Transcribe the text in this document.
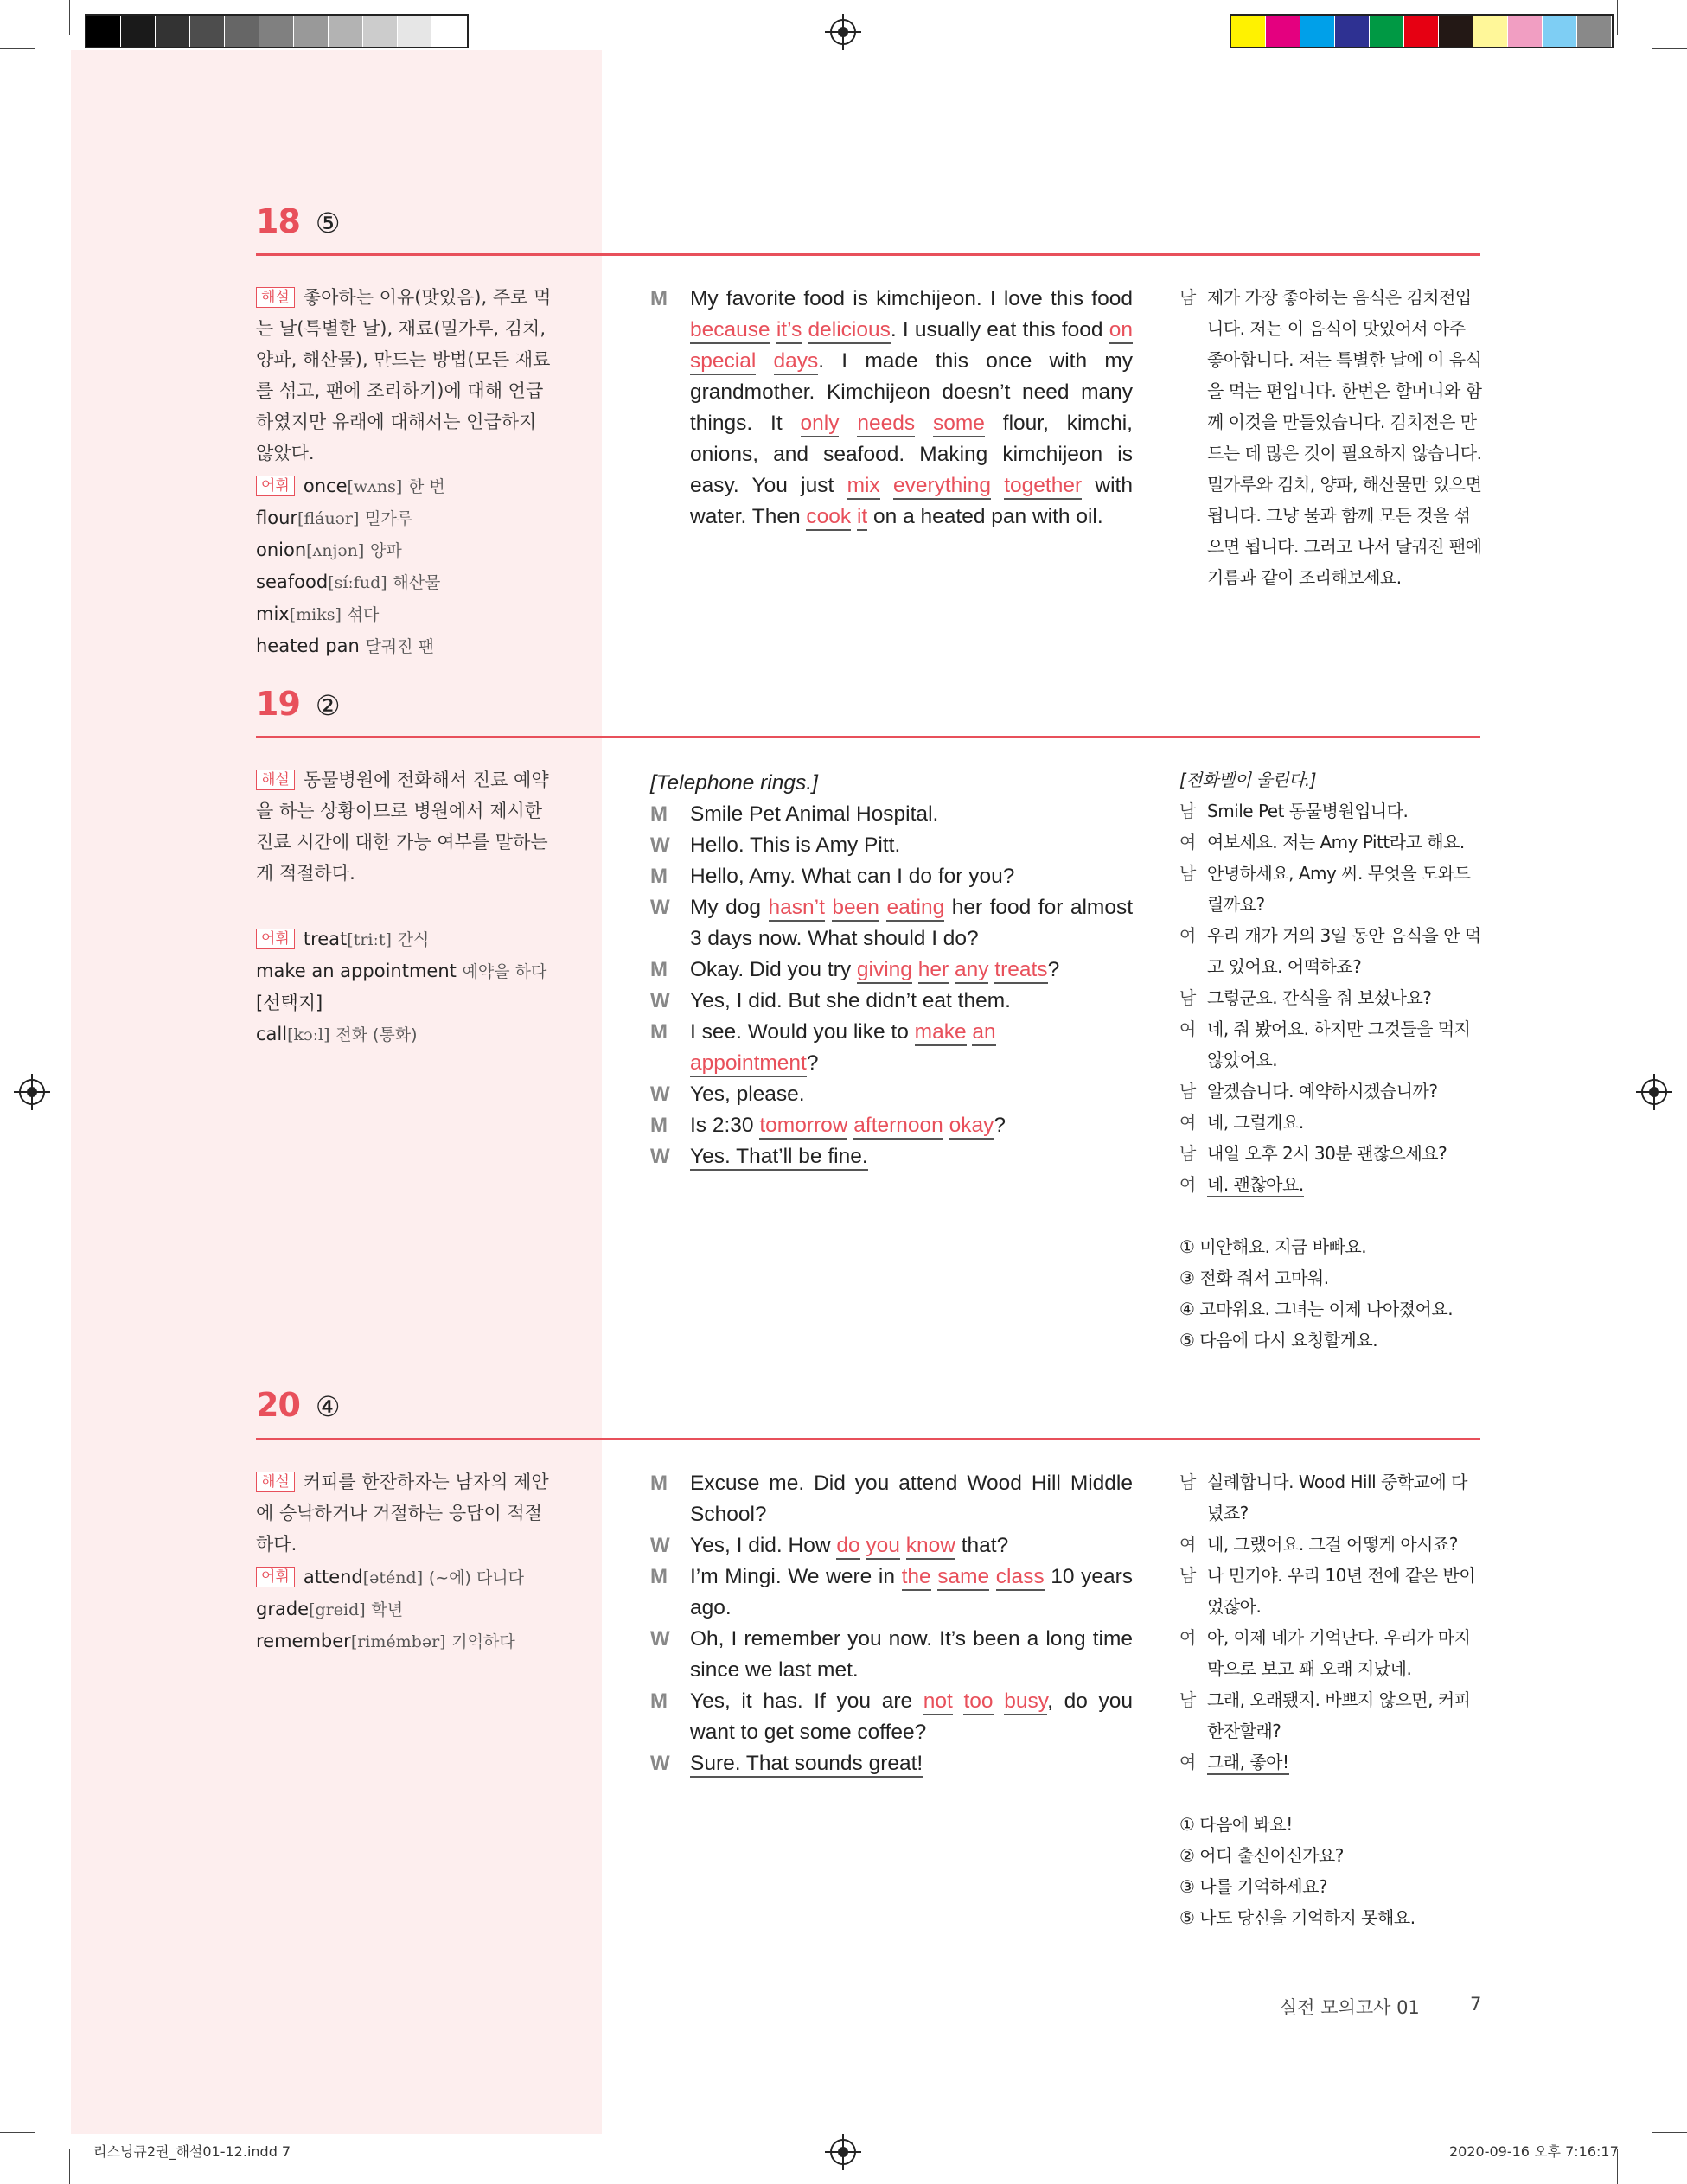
18 ⑤
해설 좋아하는 이유(맛있음), 주로 먹는 날(특별한 날), 재료(밀가루, 김치, 양파, 해산물), 만드는 방법(모든 재료를 섞고, 팬에 조리하기)에 대해 언급하였지만 유래에 대해서는 언급하지 않았다.
어휘 once[wʌns] 한 번
flour[fláuər] 밀가루
onion[ʌnjən] 양파
seafood[síːfud] 해산물
mix[miks] 섞다
heated pan 달궈진 팬
M My favorite food is kimchijeon. I love this food because it’s delicious. I usually eat this food on special days. I made this once with my grandmother. Kimchijeon doesn’t need many things. It only needs some flour, kimchi, onions, and seafood. Making kimchijeon is easy. You just mix everything together with water. Then cook it on a heated pan with oil.
남 제가 가장 좋아하는 음식은 김치전입니다. 저는 이 음식이 맛있어서 아주 좋아합니다. 저는 특별한 날에 이 음식을 먹는 편입니다. 한번은 할머니와 함께 이것을 만들었습니다. 김치전은 만드는 데 많은 것이 필요하지 않습니다. 밀가루와 김치, 양파, 해산물만 있으면 됩니다. 그냥 물과 함께 모든 것을 섞으면 됩니다. 그러고 나서 달궈진 팬에 기름과 같이 조리해보세요.
19 ②
해설 동물병원에 전화해서 진료 예약을 하는 상황이므로 병원에서 제시한 진료 시간에 대한 가능 여부를 말하는 게 적절하다.
어휘 treat[triːt] 간식
make an appointment 예약을 하다
[선택지]
call[kɔːl] 전화 (통화)
[Telephone rings.]
M Smile Pet Animal Hospital.
W Hello. This is Amy Pitt.
M Hello, Amy. What can I do for you?
W My dog hasn’t been eating her food for almost 3 days now. What should I do?
M Okay. Did you try giving her any treats?
W Yes, I did. But she didn’t eat them.
M I see. Would you like to make an
appointment?
W Yes, please.
M Is 2:30 tomorrow afternoon okay?
W Yes. That’ll be fine.
[전화벨이 울린다.]
남 Smile Pet 동물병원입니다.
여 여보세요. 저는 Amy Pitt라고 해요.
남 안녕하세요, Amy 씨. 무엇을 도와드릴까요?
여 우리 개가 거의 3일 동안 음식을 안 먹고 있어요. 어떡하죠?
남 그렇군요. 간식을 줘 보셨나요?
여 네, 줘 봤어요. 하지만 그것들을 먹지 않았어요.
남 알겠습니다. 예약하시겠습니까?
여 네, 그럴게요.
남 내일 오후 2시 30분 괜찮으세요?
여 네. 괜찮아요.
① 미안해요. 지금 바빠요.
③ 전화 줘서 고마워.
④ 고마워요. 그녀는 이제 나아졌어요.
⑤ 다음에 다시 요청할게요.
20 ④
해설 커피를 한잔하자는 남자의 제안에 승낙하거나 거절하는 응답이 적절하다.
어휘 attend[əténd] (~에) 다니다
grade[greid] 학년
remember[rimémbər] 기억하다
M Excuse me. Did you attend Wood Hill Middle School?
W Yes, I did. How do you know that?
M I’m Mingi. We were in the same class 10 years ago.
W Oh, I remember you now. It’s been a long time since we last met.
M Yes, it has. If you are not too busy, do you want to get some coffee?
W Sure. That sounds great!
남 실례합니다. Wood Hill 중학교에 다녔죠?
여 네, 그랬어요. 그걸 어떻게 아시죠?
남 나 민기야. 우리 10년 전에 같은 반이었잖아.
여 아, 이제 네가 기억난다. 우리가 마지막으로 보고 꽤 오래 지났네.
남 그래, 오래됐지. 바쁘지 않으면, 커피 한잔할래?
여 그래, 좋아!
① 다음에 봐요!
② 어디 출신이신가요?
③ 나를 기억하세요?
⑤ 나도 당신을 기억하지 못해요.
실전 모의고사 01	7
리스닝큐2권_해설01-12.indd 7	2020-09-16 오후 7:16:17
